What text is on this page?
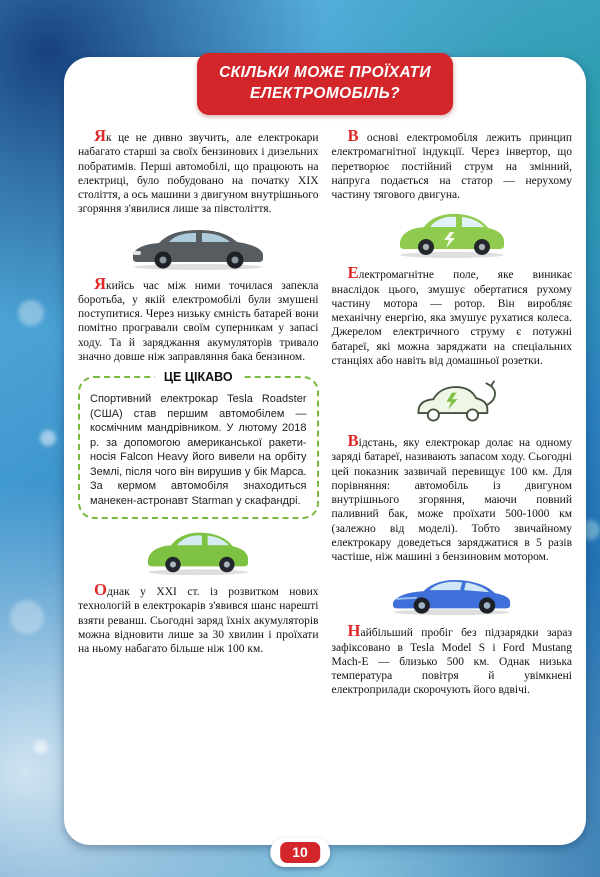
СКІЛЬКИ МОЖЕ ПРОЇХАТИ
ЕЛЕКТРОМОБІЛЬ?

Як це не дивно звучить, але електрокари набагато старші за своїх бензинових і дизельних побратимів. Перші автомобілі, що працюють на електриці, було побудовано на початку XIX століття, а ось машини з двигуном внутрішнього згоряння з'явилися лише за півстоліття.

Якийсь час між ними точилася запекла боротьба, у якій електромобілі були змушені поступитися. Через низьку ємність батарей вони помітно програвали своїм суперникам у запасі ходу. Та й заряджання акумуляторів тривало значно довше ніж заправляння бака бензином.

ЦЕ ЦІКАВО
Спортивний електрокар Tesla Roadster (США) став першим автомобілем — космічним мандрівником. У лютому 2018 р. за допомогою американської ракети-носія Falcon Heavy його вивели на орбіту Землі, після чого він вирушив у бік Марса. За кермом автомобіля знаходиться манекен-астронавт Starman у скафандрі.

Однак у XXI ст. із розвитком нових технологій в електрокарів з'явився шанс нарешті взяти реванш. Сьогодні заряд їхніх акумуляторів можна відновити лише за 30 хвилин і проїхати на ньому набагато більше ніж 100 км.

В основі електромобіля лежить принцип електромагнітної індукції. Через інвертор, що перетворює постійний струм на змінний, напруга подається на статор — нерухому частину тягового двигуна.

Електромагнітне поле, яке виникає внаслідок цього, змушує обертатися рухому частину мотора — ротор. Він виробляє механічну енергію, яка змушує рухатися колеса. Джерелом електричного струму є потужні батареї, які можна заряджати на спеціальних станціях або навіть від домашньої розетки.

Відстань, яку електрокар долає на одному заряді батареї, називають запасом ходу. Сьогодні цей показник зазвичай перевищує 100 км. Для порівняння: автомобіль із двигуном внутрішнього згоряння, маючи повний паливний бак, може проїхати 500-1000 км (залежно від моделі). Тобто звичайному електрокару доведеться заряджатися в 5 разів частіше, ніж машині з бензиновим мотором.

Найбільший пробіг без підзарядки зараз зафіксовано в Tesla Model S і Ford Mustang Mach-E — близько 500 км. Однак низька температура повітря й увімкнені електроприлади скорочують його вдвічі.

10
